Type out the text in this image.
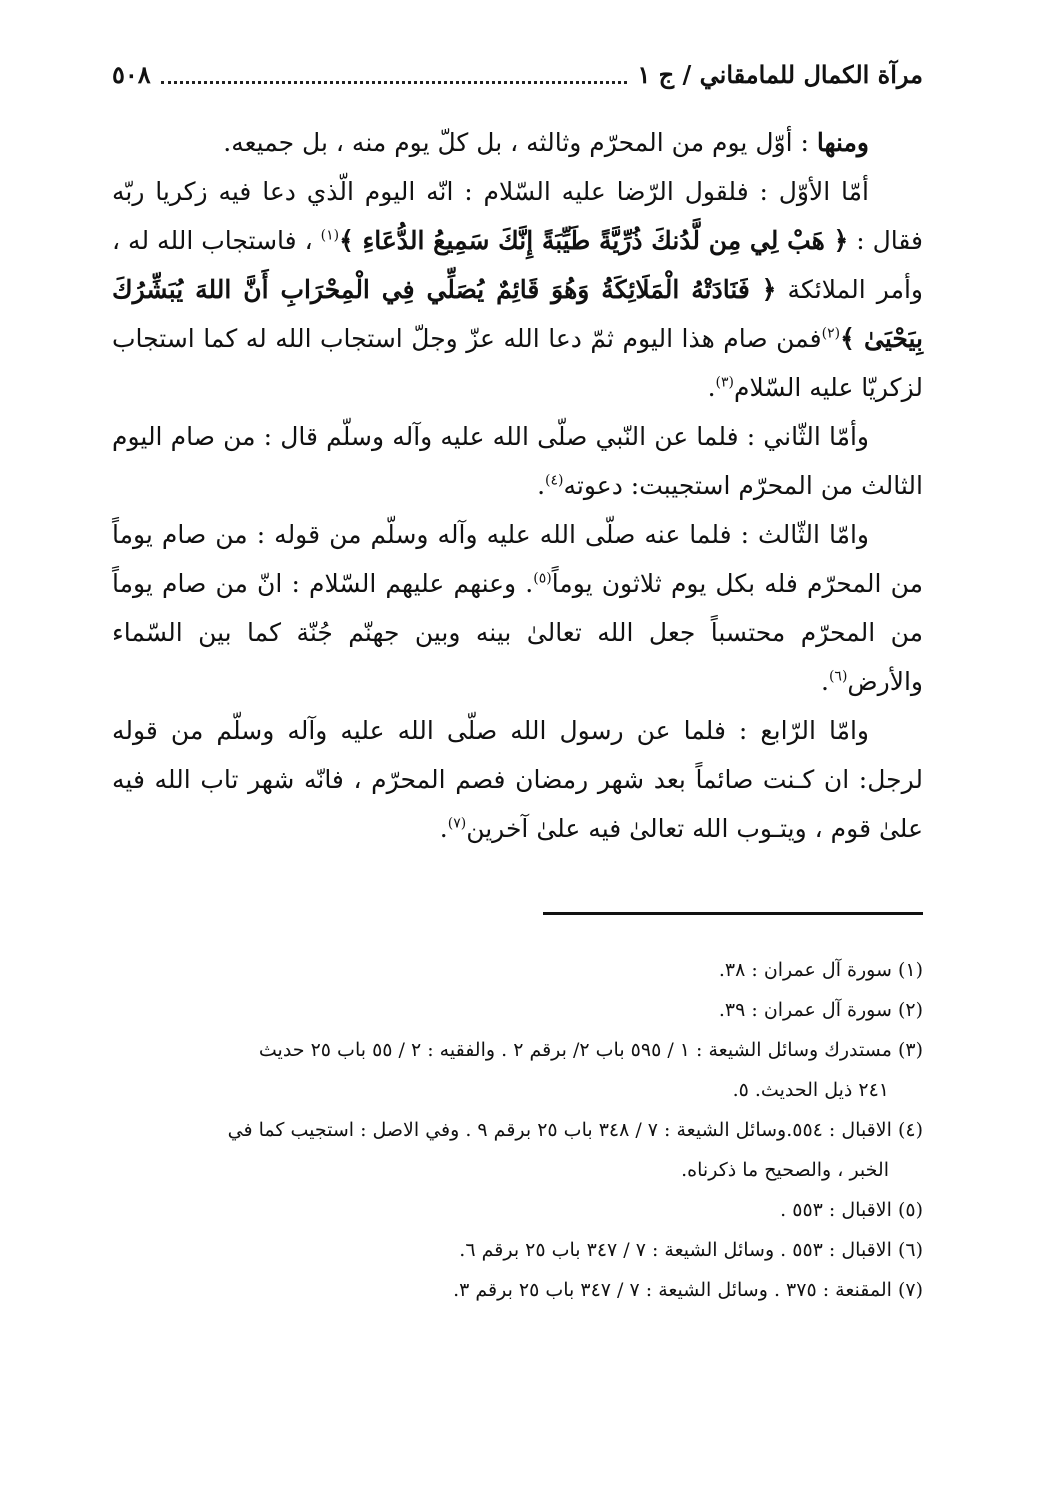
مرآة الكمال للمامقاني / ج ١
٥٠٨

ومنها : أوّل يوم من المحرّم وثالثه ، بل كلّ يوم منه ، بل جميعه.

أمّا الأوّل : فلقول الرّضا عليه السّلام : انّه اليوم الّذي دعا فيه زكريا ربّه فقال : ﴿ هَبْ لِي مِن لَّدُنكَ ذُرِّيَّةً طَيِّبَةً إِنَّكَ سَمِيعُ الدُّعَاءِ ﴾$^{(١)}$ ، فاستجاب الله له ، وأمر الملائكة ﴿ فَنَادَتْهُ الْمَلَائِكَةُ وَهُوَ قَائِمٌ يُصَلِّي فِي الْمِحْرَابِ أَنَّ اللهَ يُبَشِّرُكَ بِيَحْيَىٰ ﴾$^{(٢)}$فمن صام هذا اليوم ثمّ دعا الله عزّ وجلّ استجاب الله له كما استجاب لزكريّا عليه السّلام$^{(٣)}$.

وأمّا الثّاني : فلما عن النّبي صلّى الله عليه وآله وسلّم قال : من صام اليوم الثالث من المحرّم استجيبت: دعوته$^{(٤)}$.

وامّا الثّالث : فلما عنه صلّى الله عليه وآله وسلّم من قوله : من صام يوماً من المحرّم فله بكل يوم ثلاثون يوماً$^{(٥)}$. وعنهم عليهم السّلام : انّ من صام يوماً من المحرّم محتسباً جعل الله تعالىٰ بينه وبين جهنّم جُنّة كما بين السّماء والأرض$^{(٦)}$.

وامّا الرّابع : فلما عن رسول الله صلّى الله عليه وآله وسلّم من قوله لرجل: ان كـنت صائماً بعد شهر رمضان فصم المحرّم ، فانّه شهر تاب الله فيه علىٰ قوم ، ويتـوب الله تعالىٰ فيه علىٰ آخرين$^{(٧)}$.

(١) سورة آل عمران : ٣٨.

(٢) سورة آل عمران : ٣٩.

(٣) مستدرك وسائل الشيعة : ١ / ٥٩٥ باب ٢/ برقم ٢ . والفقيه : ٢ / ٥٥ باب ٢٥ حديث

٢٤١ ذيل الحديث. ٥.

(٤) الاقبال : ٥٥٤.وسائل الشيعة : ٧ / ٣٤٨ باب ٢٥ برقم ٩ . وفي الاصل : استجيب كما في

الخبر ، والصحيح ما ذكرناه.

(٥) الاقبال : ٥٥٣ .

(٦) الاقبال : ٥٥٣ . وسائل الشيعة : ٧ / ٣٤٧ باب ٢٥ برقم ٦.

(٧) المقنعة : ٣٧٥ . وسائل الشيعة : ٧ / ٣٤٧ باب ٢٥ برقم ٣.
